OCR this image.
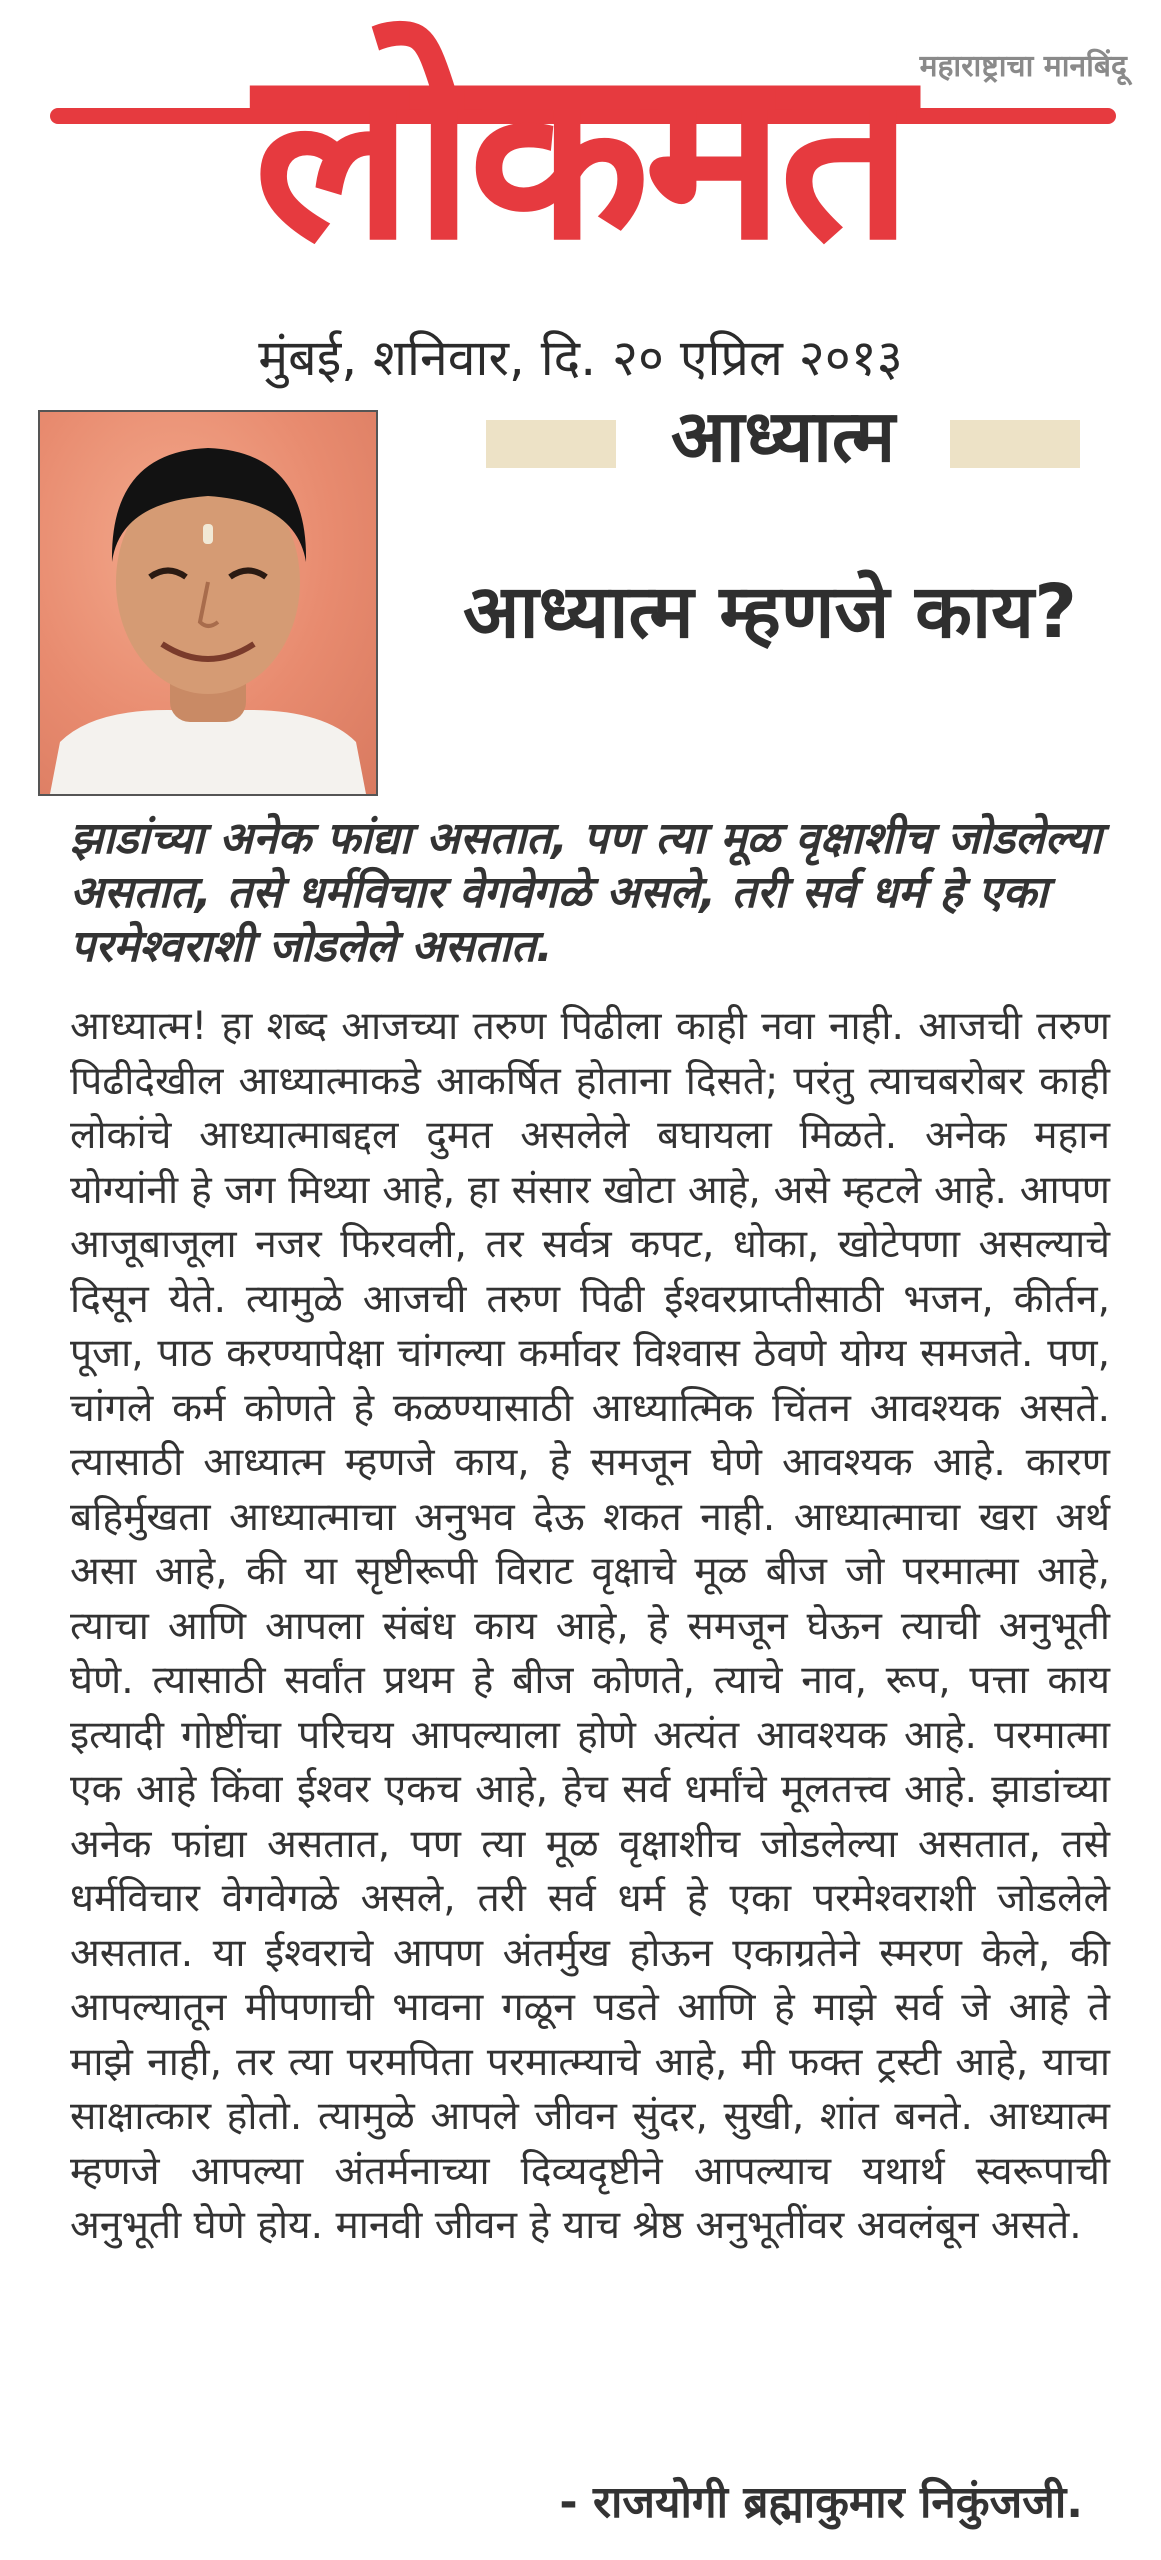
महाराष्ट्राचा मानबिंदू
लोकमत
मुंबई, शनिवार, दि. २० एप्रिल २०१३
आध्यात्म
आध्यात्म म्हणजे काय?

झाडांच्या अनेक फांद्या असतात, पण त्या मूळ वृक्षाशीच जोडलेल्या असतात, तसे धर्मविचार वेगवेगळे असले, तरी सर्व धर्म हे एका परमेश्वराशी जोडलेले असतात.

आध्यात्म! हा शब्द आजच्या तरुण पिढीला काही नवा नाही. आजची तरुण पिढीदेखील आध्यात्माकडे आकर्षित होताना दिसते; परंतु त्याचबरोबर काही लोकांचे आध्यात्माबद्दल दुमत असलेले बघायला मिळते. अनेक महान योग्यांनी हे जग मिथ्या आहे, हा संसार खोटा आहे, असे म्हटले आहे. आपण आजूबाजूला नजर फिरवली, तर सर्वत्र कपट, धोका, खोटेपणा असल्याचे दिसून येते. त्यामुळे आजची तरुण पिढी ईश्वरप्राप्तीसाठी भजन, कीर्तन, पूजा, पाठ करण्यापेक्षा चांगल्या कर्मावर विश्वास ठेवणे योग्य समजते. पण, चांगले कर्म कोणते हे कळण्यासाठी आध्यात्मिक चिंतन आवश्यक असते. त्यासाठी आध्यात्म म्हणजे काय, हे समजून घेणे आवश्यक आहे. कारण बहिर्मुखता आध्यात्माचा अनुभव देऊ शकत नाही. आध्यात्माचा खरा अर्थ असा आहे, की या सृष्टीरूपी विराट वृक्षाचे मूळ बीज जो परमात्मा आहे, त्याचा आणि आपला संबंध काय आहे, हे समजून घेऊन त्याची अनुभूती घेणे. त्यासाठी सर्वांत प्रथम हे बीज कोणते, त्याचे नाव, रूप, पत्ता काय इत्यादी गोष्टींचा परिचय आपल्याला होणे अत्यंत आवश्यक आहे. परमात्मा एक आहे किंवा ईश्वर एकच आहे, हेच सर्व धर्मांचे मूलतत्त्व आहे. झाडांच्या अनेक फांद्या असतात, पण त्या मूळ वृक्षाशीच जोडलेल्या असतात, तसे धर्मविचार वेगवेगळे असले, तरी सर्व धर्म हे एका परमेश्वराशी जोडलेले असतात. या ईश्वराचे आपण अंतर्मुख होऊन एकाग्रतेने स्मरण केले, की आपल्यातून मीपणाची भावना गळून पडते आणि हे माझे सर्व जे आहे ते माझे नाही, तर त्या परमपिता परमात्म्याचे आहे, मी फक्त ट्रस्टी आहे, याचा साक्षात्कार होतो. त्यामुळे आपले जीवन सुंदर, सुखी, शांत बनते. आध्यात्म म्हणजे आपल्या अंतर्मनाच्या दिव्यदृष्टीने आपल्याच यथार्थ स्वरूपाची अनुभूती घेणे होय. मानवी जीवन हे याच श्रेष्ठ अनुभूतींवर अवलंबून असते.

- राजयोगी ब्रह्माकुमार निकुंजजी.
